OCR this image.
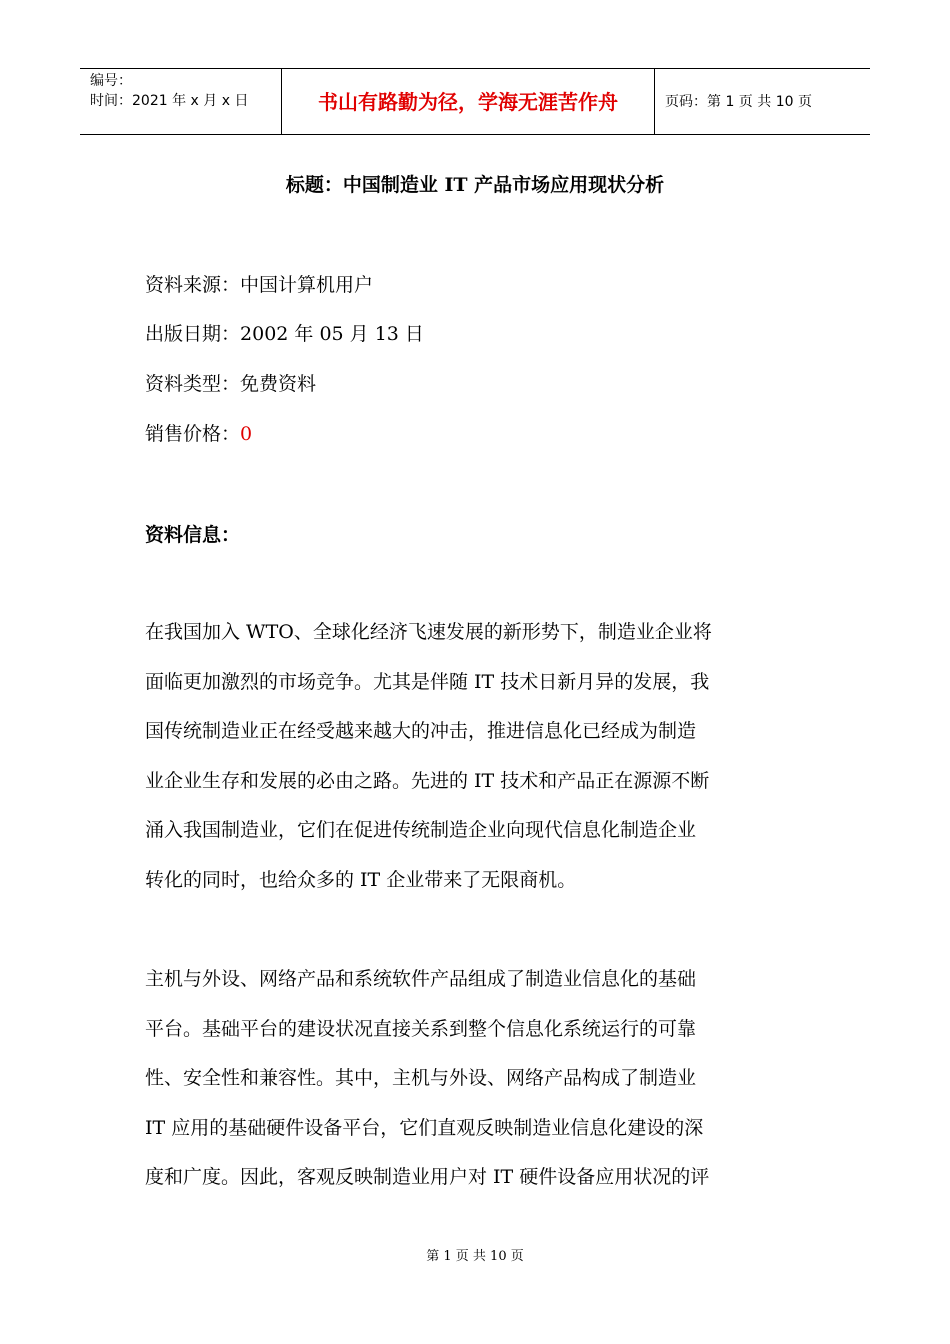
编号：
时间：2021 年 x 月 x 日	书山有路勤为径，学海无涯苦作舟	页码：第 1 页 共 10 页
标题：中国制造业 IT 产品市场应用现状分析
资料来源：中国计算机用户
出版日期：2002 年 05 月 13 日
资料类型：免费资料
销售价格：0
资料信息：
在我国加入 WTO、全球化经济飞速发展的新形势下，制造业企业将
面临更加激烈的市场竞争。尤其是伴随 IT 技术日新月异的发展，我
国传统制造业正在经受越来越大的冲击，推进信息化已经成为制造
业企业生存和发展的必由之路。先进的 IT 技术和产品正在源源不断
涌入我国制造业，它们在促进传统制造企业向现代信息化制造企业
转化的同时，也给众多的 IT 企业带来了无限商机。
主机与外设、网络产品和系统软件产品组成了制造业信息化的基础
平台。基础平台的建设状况直接关系到整个信息化系统运行的可靠
性、安全性和兼容性。其中，主机与外设、网络产品构成了制造业
IT 应用的基础硬件设备平台，它们直观反映制造业信息化建设的深
度和广度。因此，客观反映制造业用户对 IT 硬件设备应用状况的评
第 1 页 共 10 页
